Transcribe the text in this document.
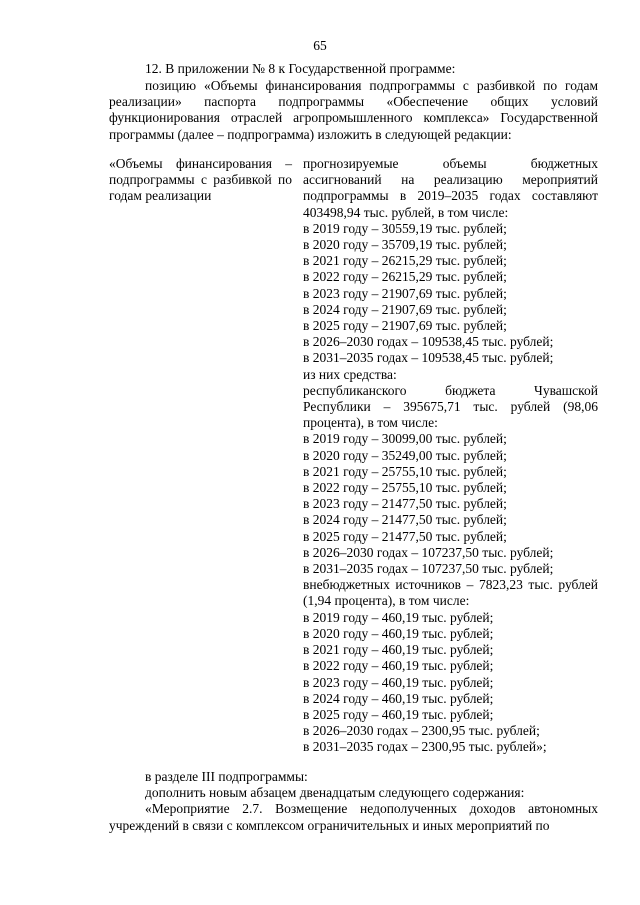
65
12. В приложении № 8 к Государственной программе:
позицию «Объемы финансирования подпрограммы с разбивкой по годам реализации» паспорта подпрограммы «Обеспечение общих условий функционирования отраслей агропромышленного комплекса» Государственной программы (далее – подпрограмма) изложить в следующей редакции:
«Объемы финансирования – подпрограммы с разбивкой по годам реализации
прогнозируемые объемы бюджетных ассигнований на реализацию мероприятий подпрограммы в 2019–2035 годах составляют 403498,94 тыс. рублей, в том числе:
в 2019 году – 30559,19 тыс. рублей;
в 2020 году – 35709,19 тыс. рублей;
в 2021 году – 26215,29 тыс. рублей;
в 2022 году – 26215,29 тыс. рублей;
в 2023 году – 21907,69 тыс. рублей;
в 2024 году – 21907,69 тыс. рублей;
в 2025 году – 21907,69 тыс. рублей;
в 2026–2030 годах – 109538,45 тыс. рублей;
в 2031–2035 годах – 109538,45 тыс. рублей;
из них средства:
республиканского бюджета Чувашской Республики – 395675,71 тыс. рублей (98,06 процента), в том числе:
в 2019 году – 30099,00 тыс. рублей;
в 2020 году – 35249,00 тыс. рублей;
в 2021 году – 25755,10 тыс. рублей;
в 2022 году – 25755,10 тыс. рублей;
в 2023 году – 21477,50 тыс. рублей;
в 2024 году – 21477,50 тыс. рублей;
в 2025 году – 21477,50 тыс. рублей;
в 2026–2030 годах – 107237,50 тыс. рублей;
в 2031–2035 годах – 107237,50 тыс. рублей;
внебюджетных источников – 7823,23 тыс. рублей (1,94 процента), в том числе:
в 2019 году – 460,19 тыс. рублей;
в 2020 году – 460,19 тыс. рублей;
в 2021 году – 460,19 тыс. рублей;
в 2022 году – 460,19 тыс. рублей;
в 2023 году – 460,19 тыс. рублей;
в 2024 году – 460,19 тыс. рублей;
в 2025 году – 460,19 тыс. рублей;
в 2026–2030 годах – 2300,95 тыс. рублей;
в 2031–2035 годах – 2300,95 тыс. рублей»;
в разделе III подпрограммы:
дополнить новым абзацем двенадцатым следующего содержания:
«Мероприятие 2.7. Возмещение недополученных доходов автономных учреждений в связи с комплексом ограничительных и иных мероприятий по
